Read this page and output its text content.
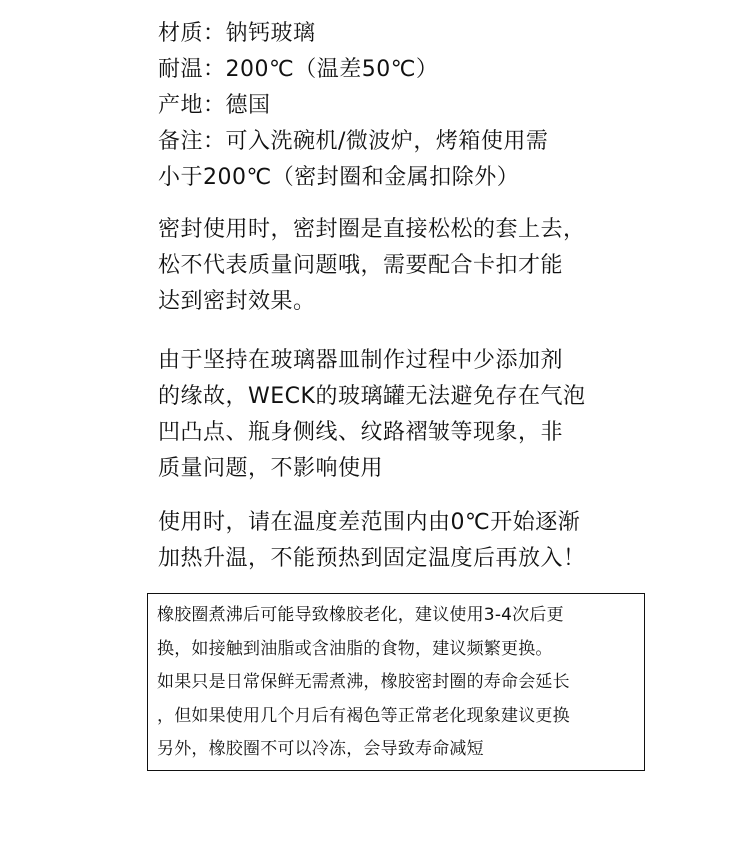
材质：钠钙玻璃
耐温：200℃（温差50℃）
产地：德国
备注：可入洗碗机/微波炉，烤箱使用需
小于200℃（密封圈和金属扣除外）
密封使用时，密封圈是直接松松的套上去，
松不代表质量问题哦，需要配合卡扣才能
达到密封效果。
由于坚持在玻璃器皿制作过程中少添加剂
的缘故，WECK的玻璃罐无法避免存在气泡
凹凸点、瓶身侧线、纹路褶皱等现象，非
质量问题，不影响使用
使用时，请在温度差范围内由0℃开始逐渐
加热升温，不能预热到固定温度后再放入！
橡胶圈煮沸后可能导致橡胶老化，建议使用3-4次后更
换，如接触到油脂或含油脂的食物，建议频繁更换。
如果只是日常保鲜无需煮沸，橡胶密封圈的寿命会延长
，但如果使用几个月后有褐色等正常老化现象建议更换
另外，橡胶圈不可以冷冻，会导致寿命减短
